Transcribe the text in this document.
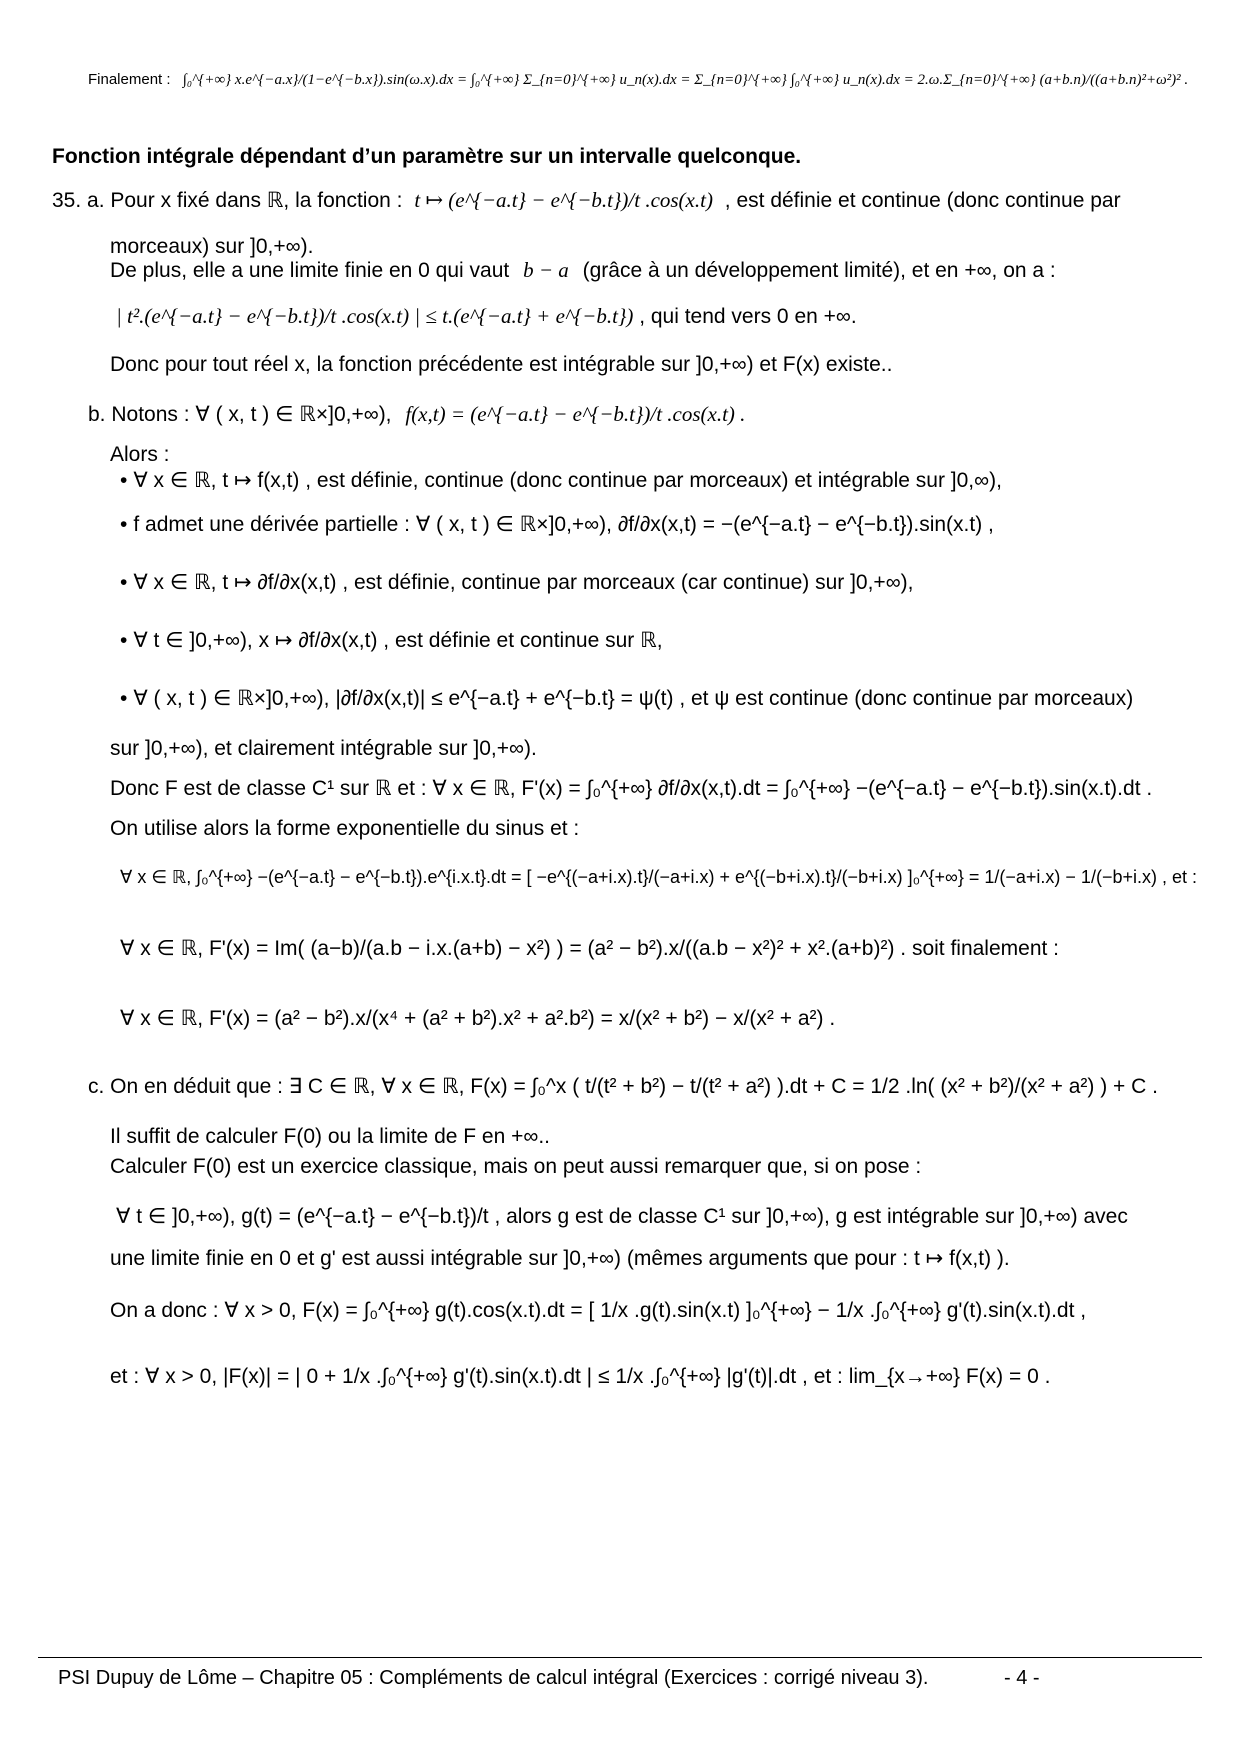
Finalement : ∫₀^{+∞} x.e^{−a.x}/(1−e^{−b.x}).sin(ω.x).dx = ∫₀^{+∞} Σ_{n=0}^{+∞} u_n(x).dx = Σ_{n=0}^{+∞} ∫₀^{+∞} u_n(x).dx = 2.ω.Σ_{n=0}^{+∞} (a+b.n)/((a+b.n)²+ω²)² .
Fonction intégrale dépendant d’un paramètre sur un intervalle quelconque.
35. a. Pour x fixé dans ℝ, la fonction : t ↦ (e^{−a.t} − e^{−b.t})/t .cos(x.t) , est définie et continue (donc continue par
morceaux) sur ]0,+∞).
De plus, elle a une limite finie en 0 qui vaut b − a (grâce à un développement limité), et en +∞, on a :
| t².(e^{−a.t} − e^{−b.t})/t .cos(x.t) | ≤ t.(e^{−a.t} + e^{−b.t}) , qui tend vers 0 en +∞.
Donc pour tout réel x, la fonction précédente est intégrable sur ]0,+∞) et F(x) existe..
b. Notons : ∀ ( x, t ) ∈ ℝ×]0,+∞), f(x,t) = (e^{−a.t} − e^{−b.t})/t .cos(x.t) .
Alors :
• ∀ x ∈ ℝ, t ↦ f(x,t) , est définie, continue (donc continue par morceaux) et intégrable sur ]0,∞),
• f admet une dérivée partielle : ∀ ( x, t ) ∈ ℝ×]0,+∞), ∂f/∂x(x,t) = −(e^{−a.t} − e^{−b.t}).sin(x.t) ,
• ∀ x ∈ ℝ, t ↦ ∂f/∂x(x,t) , est définie, continue par morceaux (car continue) sur ]0,+∞),
• ∀ t ∈ ]0,+∞), x ↦ ∂f/∂x(x,t) , est définie et continue sur ℝ,
• ∀ ( x, t ) ∈ ℝ×]0,+∞), |∂f/∂x(x,t)| ≤ e^{−a.t} + e^{−b.t} = ψ(t) , et ψ est continue (donc continue par morceaux)
sur ]0,+∞), et clairement intégrable sur ]0,+∞).
Donc F est de classe C¹ sur ℝ et : ∀ x ∈ ℝ, F'(x) = ∫₀^{+∞} ∂f/∂x(x,t).dt = ∫₀^{+∞} −(e^{−a.t} − e^{−b.t}).sin(x.t).dt .
On utilise alors la forme exponentielle du sinus et :
∀ x ∈ ℝ, ∫₀^{+∞} −(e^{−a.t} − e^{−b.t}).e^{i.x.t}.dt = [ −e^{(−a+i.x).t}/(−a+i.x) + e^{(−b+i.x).t}/(−b+i.x) ]₀^{+∞} = 1/(−a+i.x) − 1/(−b+i.x) , et :
∀ x ∈ ℝ, F'(x) = Im( (a−b)/(a.b − i.x.(a+b) − x²) ) = (a² − b²).x/((a.b − x²)² + x².(a+b)²) . soit finalement :
∀ x ∈ ℝ, F'(x) = (a² − b²).x/(x⁴ + (a² + b²).x² + a².b²) = x/(x² + b²) − x/(x² + a²) .
c. On en déduit que : ∃ C ∈ ℝ, ∀ x ∈ ℝ, F(x) = ∫₀^x ( t/(t² + b²) − t/(t² + a²) ).dt + C = 1/2 .ln( (x² + b²)/(x² + a²) ) + C .
Il suffit de calculer F(0) ou la limite de F en +∞..
Calculer F(0) est un exercice classique, mais on peut aussi remarquer que, si on pose :
∀ t ∈ ]0,+∞), g(t) = (e^{−a.t} − e^{−b.t})/t , alors g est de classe C¹ sur ]0,+∞), g est intégrable sur ]0,+∞) avec
une limite finie en 0 et g' est aussi intégrable sur ]0,+∞) (mêmes arguments que pour : t ↦ f(x,t) ).
On a donc : ∀ x > 0, F(x) = ∫₀^{+∞} g(t).cos(x.t).dt = [ 1/x .g(t).sin(x.t) ]₀^{+∞} − 1/x .∫₀^{+∞} g'(t).sin(x.t).dt ,
et : ∀ x > 0, |F(x)| = | 0 + 1/x .∫₀^{+∞} g'(t).sin(x.t).dt | ≤ 1/x .∫₀^{+∞} |g'(t)|.dt , et : lim_{x→+∞} F(x) = 0 .
PSI Dupuy de Lôme – Chapitre 05 : Compléments de calcul intégral (Exercices : corrigé niveau 3).	- 4 -
